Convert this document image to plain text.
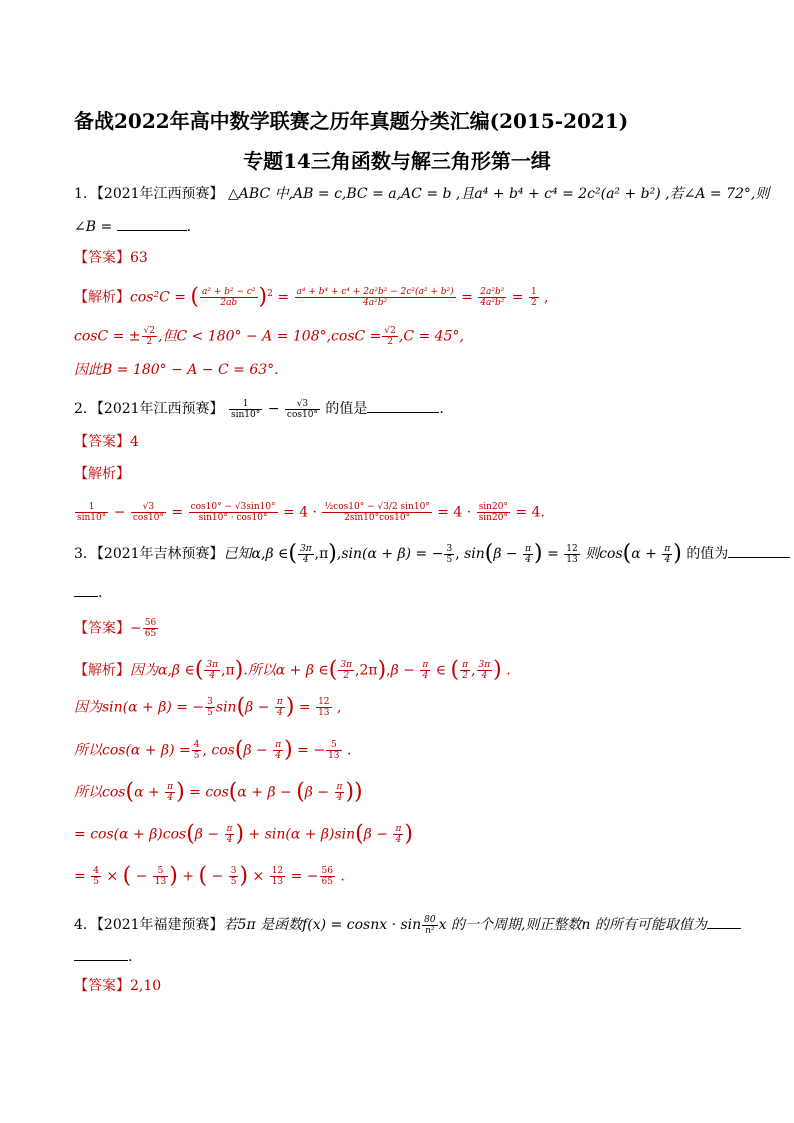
备战2022年高中数学联赛之历年真题分类汇编(2015-2021)
专题14三角函数与解三角形第一缉
1．【2021年江西预赛】 △ABC 中,AB = c,BC = a,AC = b ,且a⁴ + b⁴ + c⁴ = 2c²(a² + b²) ,若∠A = 72°,则
∠B =	.
【答案】63
【解析】cos²C = ( $\frac{\text{a² + b² − c²}}{2ab} )^2 = \frac{\text{a⁴ + b⁴ + c⁴ + 2a²b² − 2c²(a² + b²)}}{\text{4a²b²}} = \frac{\text{2a²b²}}{\text{4a²b²}} = \frac{1}{2}$ ,
cosC = ± $\frac{√2}{2}$ ,但$C < 180^\circ - A = 108^\circ,\cos C = \frac{√2}{2} ,C = 45^\circ$,
因此B = 180° − A − C = 63°.
2．【2021年江西预赛】 $\frac{1}{\sin 10^\circ} - \frac{√3}{\cos 10^\circ}$ 的值是	.
【答案】4
【解析】
$\frac{1}{\sin 10^\circ} - \frac{√3}{\cos 10^\circ} = \frac{\cos 10^\circ - √3\sin 10^\circ}{\sin 10^\circ \cdot \cos 10^\circ} = 4 \cdot \frac{\text{½cos10° − √3/2 sin10°}}{2\sin 10^\circ\cos 10^\circ} = 4 \cdot \frac{\sin 20^\circ}{\sin 20^\circ} = 4$.
3．【2021年吉林预赛】已知α,β ∈( $\frac{3\pi}{4} ,\pi),\sin(\alpha + \beta)$ = − $\frac{3}{5}$ , $\sin(\beta - \frac{\pi}{4}$ ) = $\frac{12}{13}$ 则$\cos(\alpha + \frac{\pi}{4}$ ) 的值为
.
【答案】− $\frac{56}{65}$
【解析】因为α,β ∈( $\frac{3\pi}{4} ,\pi$).所以α + β ∈( $\frac{3\pi}{2} ,2\pi),\beta - \frac{\pi}{4}$ ∈ ( $\frac{\pi}{2}$ , $\frac{3\pi}{4}$ ) .
因为sin(α + β) = − $\frac{3}{5} \sin(\beta - \frac{\pi}{4}$ ) = $\frac{12}{13}$ ,
所以$\cos(\alpha + \beta) = \frac{4}{5}$ , $\cos(\beta - \frac{\pi}{4}$ ) = − $\frac{5}{13}$ .
所以$\cos(\alpha + \frac{\pi}{4}$ ) = $\cos(\alpha + \beta - (\beta - \frac{\pi}{4}$ ))
= $\cos(\alpha + \beta)\cos(\beta - \frac{\pi}{4}$ ) + $\sin(\alpha + \beta)\sin(\beta - \frac{\pi}{4}$ )
= $\frac{4}{5}$ × ( − $\frac{5}{13}$ ) + ( − $\frac{3}{5}$ ) × $\frac{12}{13}$ = − $\frac{56}{65}$ .
4．【2021年福建预赛】若5π 是函数f(x) = cosnx · $\sin \frac{80}{\text{n²}}$ x 的一个周期,则正整数n 的所有可能取值为
.
【答案】2,10
